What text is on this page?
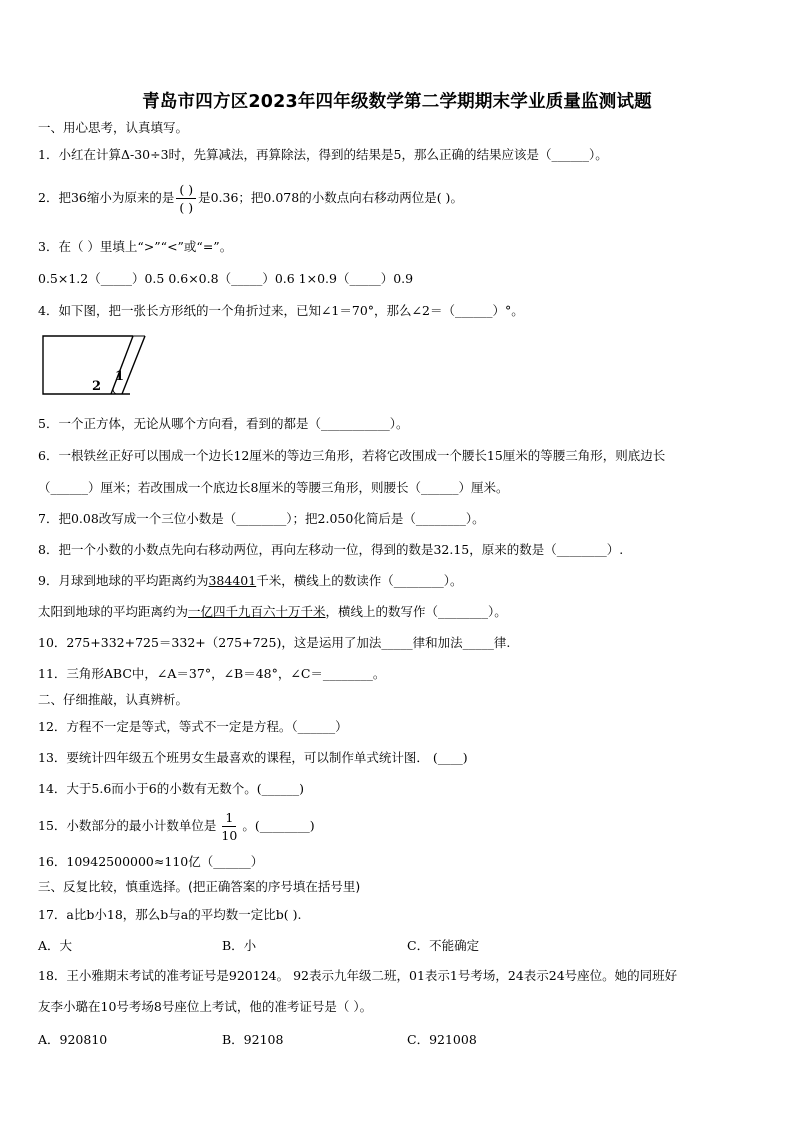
青岛市四方区2023年四年级数学第二学期期末学业质量监测试题
一、用心思考，认真填写。
1．小红在计算Δ-30÷3时，先算减法，再算除法，得到的结果是5，那么正确的结果应该是（______）。
2．把36缩小为原来的是 $\frac{( )}{( )}$ 是0.36；把0.078的小数点向右移动两位是( )。
3．在（ ）里填上“>”“<”或“=”。
0.5×1.2（_____）0.5 0.6×0.8（_____）0.6 1×0.9（_____）0.9
4．如下图，把一张长方形纸的一个角折过来，已知∠1＝70°，那么∠2＝（______）°。
1
2
5．一个正方体，无论从哪个方向看，看到的都是（___________）。
6．一根铁丝正好可以围成一个边长12厘米的等边三角形，若将它改围成一个腰长15厘米的等腰三角形，则底边长
（______）厘米；若改围成一个底边长8厘米的等腰三角形，则腰长（______）厘米。
7．把0.08改写成一个三位小数是（________）；把2.050化简后是（________）。
8．把一个小数的小数点先向右移动两位，再向左移动一位，得到的数是32.15，原来的数是（________）.
9．月球到地球的平均距离约为384401千米，横线上的数读作（________）。
太阳到地球的平均距离约为一亿四千九百六十万千米，横线上的数写作（________）。
10．275+332+725＝332+（275+725)，这是运用了加法_____律和加法_____律.
11．三角形ABC中，∠A＝37°，∠B＝48°，∠C＝________。
二、仔细推敲，认真辨析。
12．方程不一定是等式，等式不一定是方程。（______）
13．要统计四年级五个班男女生最喜欢的课程，可以制作单式统计图． (____)
14．大于5.6而小于6的小数有无数个。(______)
15．小数部分的最小计数单位是 $\frac{1}{10}$ 。(________)
16．10942500000≈110亿（______）
三、反复比较，慎重选择。(把正确答案的序号填在括号里)
17．a比b小18，那么b与a的平均数一定比b( ).
A．大	B．小	C．不能确定
18．王小雅期末考试的准考证号是920124。 92表示九年级二班，01表示1号考场，24表示24号座位。她的同班好
友李小璐在10号考场8号座位上考试，他的准考证号是（ ）。
A．920810	B．92108	C．921008
